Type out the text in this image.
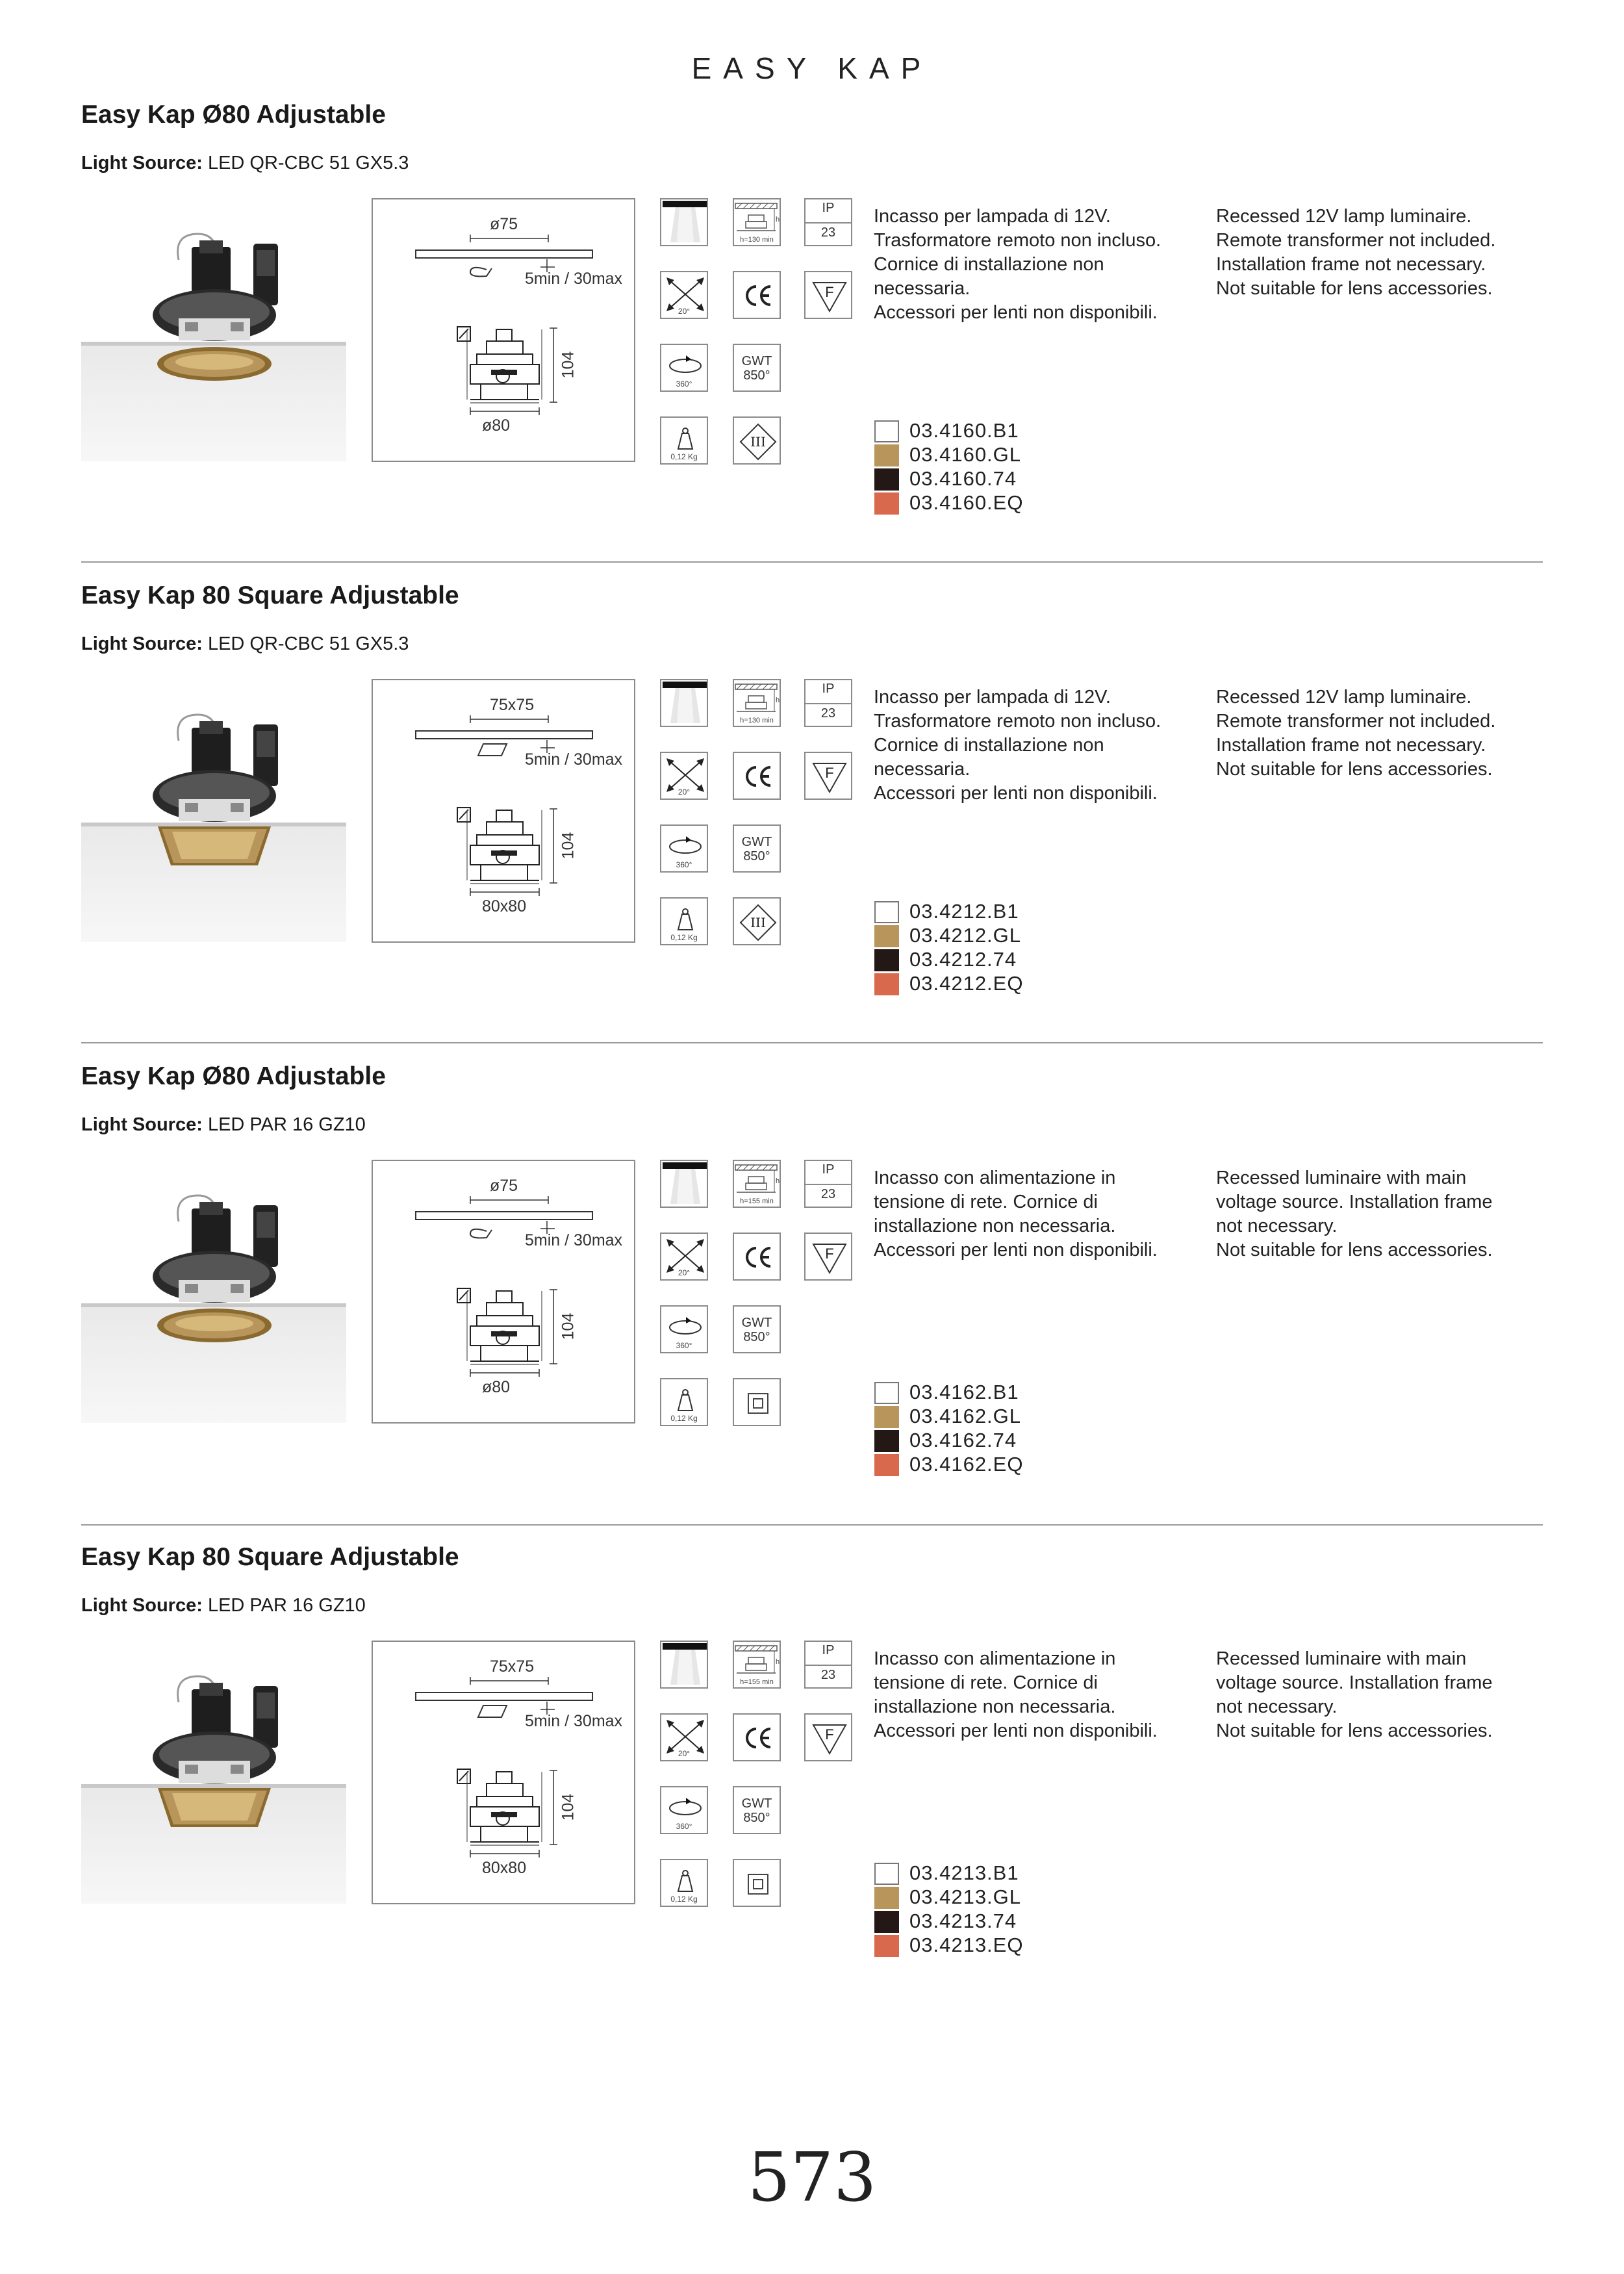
EASY KAP
Easy Kap Ø80 Adjustable
Light Source: LED QR-CBC 51 GX5.3
ø75
5min / 30max
104
ø80
h
h=130 min
IP
23
20°
F
360°
GWT
850°
0,12 Kg
III

Incasso per lampada di 12V.

Trasformatore remoto non incluso.

Cornice di installazione non

necessaria.

Accessori per lenti non disponibili.

Recessed 12V lamp luminaire.

Remote transformer not included.

Installation frame not necessary.

Not suitable for lens accessories.

03.4160.B1
03.4160.GL
03.4160.74
03.4160.EQ
Easy Kap 80 Square Adjustable
Light Source: LED QR-CBC 51 GX5.3
75x75
5min / 30max
104
80x80
h
h=130 min
IP
23
20°
F
360°
GWT
850°
0,12 Kg
III

Incasso per lampada di 12V.

Trasformatore remoto non incluso.

Cornice di installazione non

necessaria.

Accessori per lenti non disponibili.

Recessed 12V lamp luminaire.

Remote transformer not included.

Installation frame not necessary.

Not suitable for lens accessories.

03.4212.B1
03.4212.GL
03.4212.74
03.4212.EQ
Easy Kap Ø80 Adjustable
Light Source: LED PAR 16 GZ10
ø75
5min / 30max
104
ø80
h
h=155 min
IP
23
20°
F
360°
GWT
850°
0,12 Kg

Incasso con alimentazione in

tensione di rete. Cornice di

installazione non necessaria.

Accessori per lenti non disponibili.

Recessed luminaire with main

voltage source. Installation frame

not necessary.

Not suitable for lens accessories.

03.4162.B1
03.4162.GL
03.4162.74
03.4162.EQ
Easy Kap 80 Square Adjustable
Light Source: LED PAR 16 GZ10
75x75
5min / 30max
104
80x80
h
h=155 min
IP
23
20°
F
360°
GWT
850°
0,12 Kg

Incasso con alimentazione in

tensione di rete. Cornice di

installazione non necessaria.

Accessori per lenti non disponibili.

Recessed luminaire with main

voltage source. Installation frame

not necessary.

Not suitable for lens accessories.

03.4213.B1
03.4213.GL
03.4213.74
03.4213.EQ
573
